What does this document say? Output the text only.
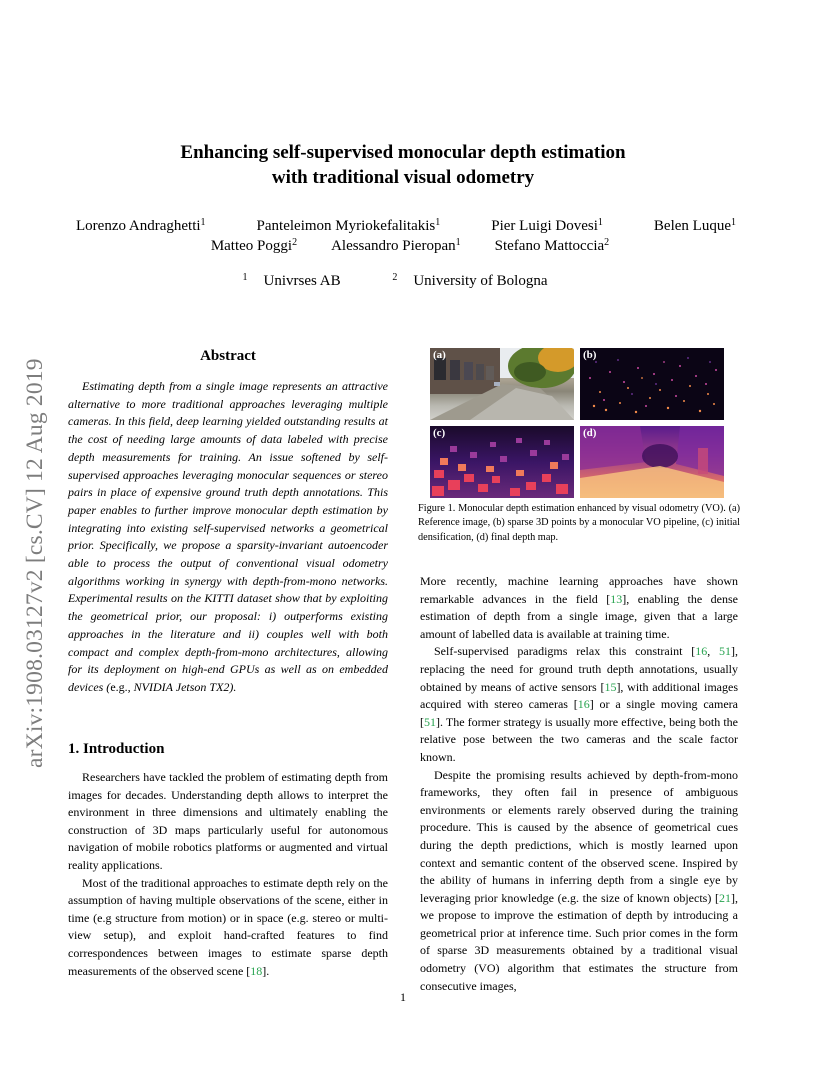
arXiv:1908.03127v2 [cs.CV] 12 Aug 2019
Enhancing self-supervised monocular depth estimation
with traditional visual odometry
Lorenzo Andraghetti$^1$	Panteleimon Myriokefalitakis$^1$	Pier Luigi Dovesi$^1$	Belen Luque$^1$
Matteo Poggi$^2$ Alessandro Pieropan$^1$ Stefano Mattoccia$^2$
$^1$ Univrses AB	$^2$ University of Bologna
Abstract
Estimating depth from a single image represents an attractive alternative to more traditional approaches leveraging multiple cameras. In this field, deep learning yielded outstanding results at the cost of needing large amounts of data labeled with precise depth measurements for training. An issue softened by self-supervised approaches leveraging monocular sequences or stereo pairs in place of expensive ground truth depth annotations. This paper enables to further improve monocular depth estimation by integrating into existing self-supervised networks a geometrical prior. Specifically, we propose a sparsity-invariant autoencoder able to process the output of conventional visual odometry algorithms working in synergy with depth-from-mono networks. Experimental results on the KITTI dataset show that by exploiting the geometrical prior, our proposal: i) outperforms existing approaches in the literature and ii) couples well with both compact and complex depth-from-mono architectures, allowing for its deployment on high-end GPUs as well as on embedded devices (e.g., NVIDIA Jetson TX2).
1. Introduction

Researchers have tackled the problem of estimating depth from images for decades. Understanding depth allows to interpret the environment in three dimensions and ultimately enabling the construction of 3D maps particularly useful for autonomous navigation of mobile robotics platforms or augmented and virtual reality applications.

Most of the traditional approaches to estimate depth rely on the assumption of having multiple observations of the scene, either in time (e.g structure from motion) or in space (e.g. stereo or multi-view setup), and exploit hand-crafted features to find correspondences between images to estimate sparse depth measurements of the observed scene [18].

(a)	(b)
(c)	(d)
Figure 1. Monocular depth estimation enhanced by visual odometry (VO). (a) Reference image, (b) sparse 3D points by a monocular VO pipeline, (c) initial densification, (d) final depth map.

More recently, machine learning approaches have shown remarkable advances in the field [13], enabling the dense estimation of depth from a single image, given that a large amount of labelled data is available at training time.

Self-supervised paradigms relax this constraint [16, 51], replacing the need for ground truth depth annotations, usually obtained by means of active sensors [15], with additional images acquired with stereo cameras [16] or a single moving camera [51]. The former strategy is usually more effective, being both the relative pose between the two cameras and the scale factor known.

Despite the promising results achieved by depth-from-mono frameworks, they often fail in presence of ambiguous environments or elements rarely observed during the training procedure. This is caused by the absence of geometrical cues during the depth predictions, which is mostly learned upon context and semantic content of the observed scene. Inspired by the ability of humans in inferring depth from a single eye by leveraging prior knowledge (e.g. the size of known objects) [21], we propose to improve the estimation of depth by introducing a geometrical prior at inference time. Such prior comes in the form of sparse 3D measurements obtained by a traditional visual odometry (VO) algorithm that estimates the structure from consecutive images,

1
